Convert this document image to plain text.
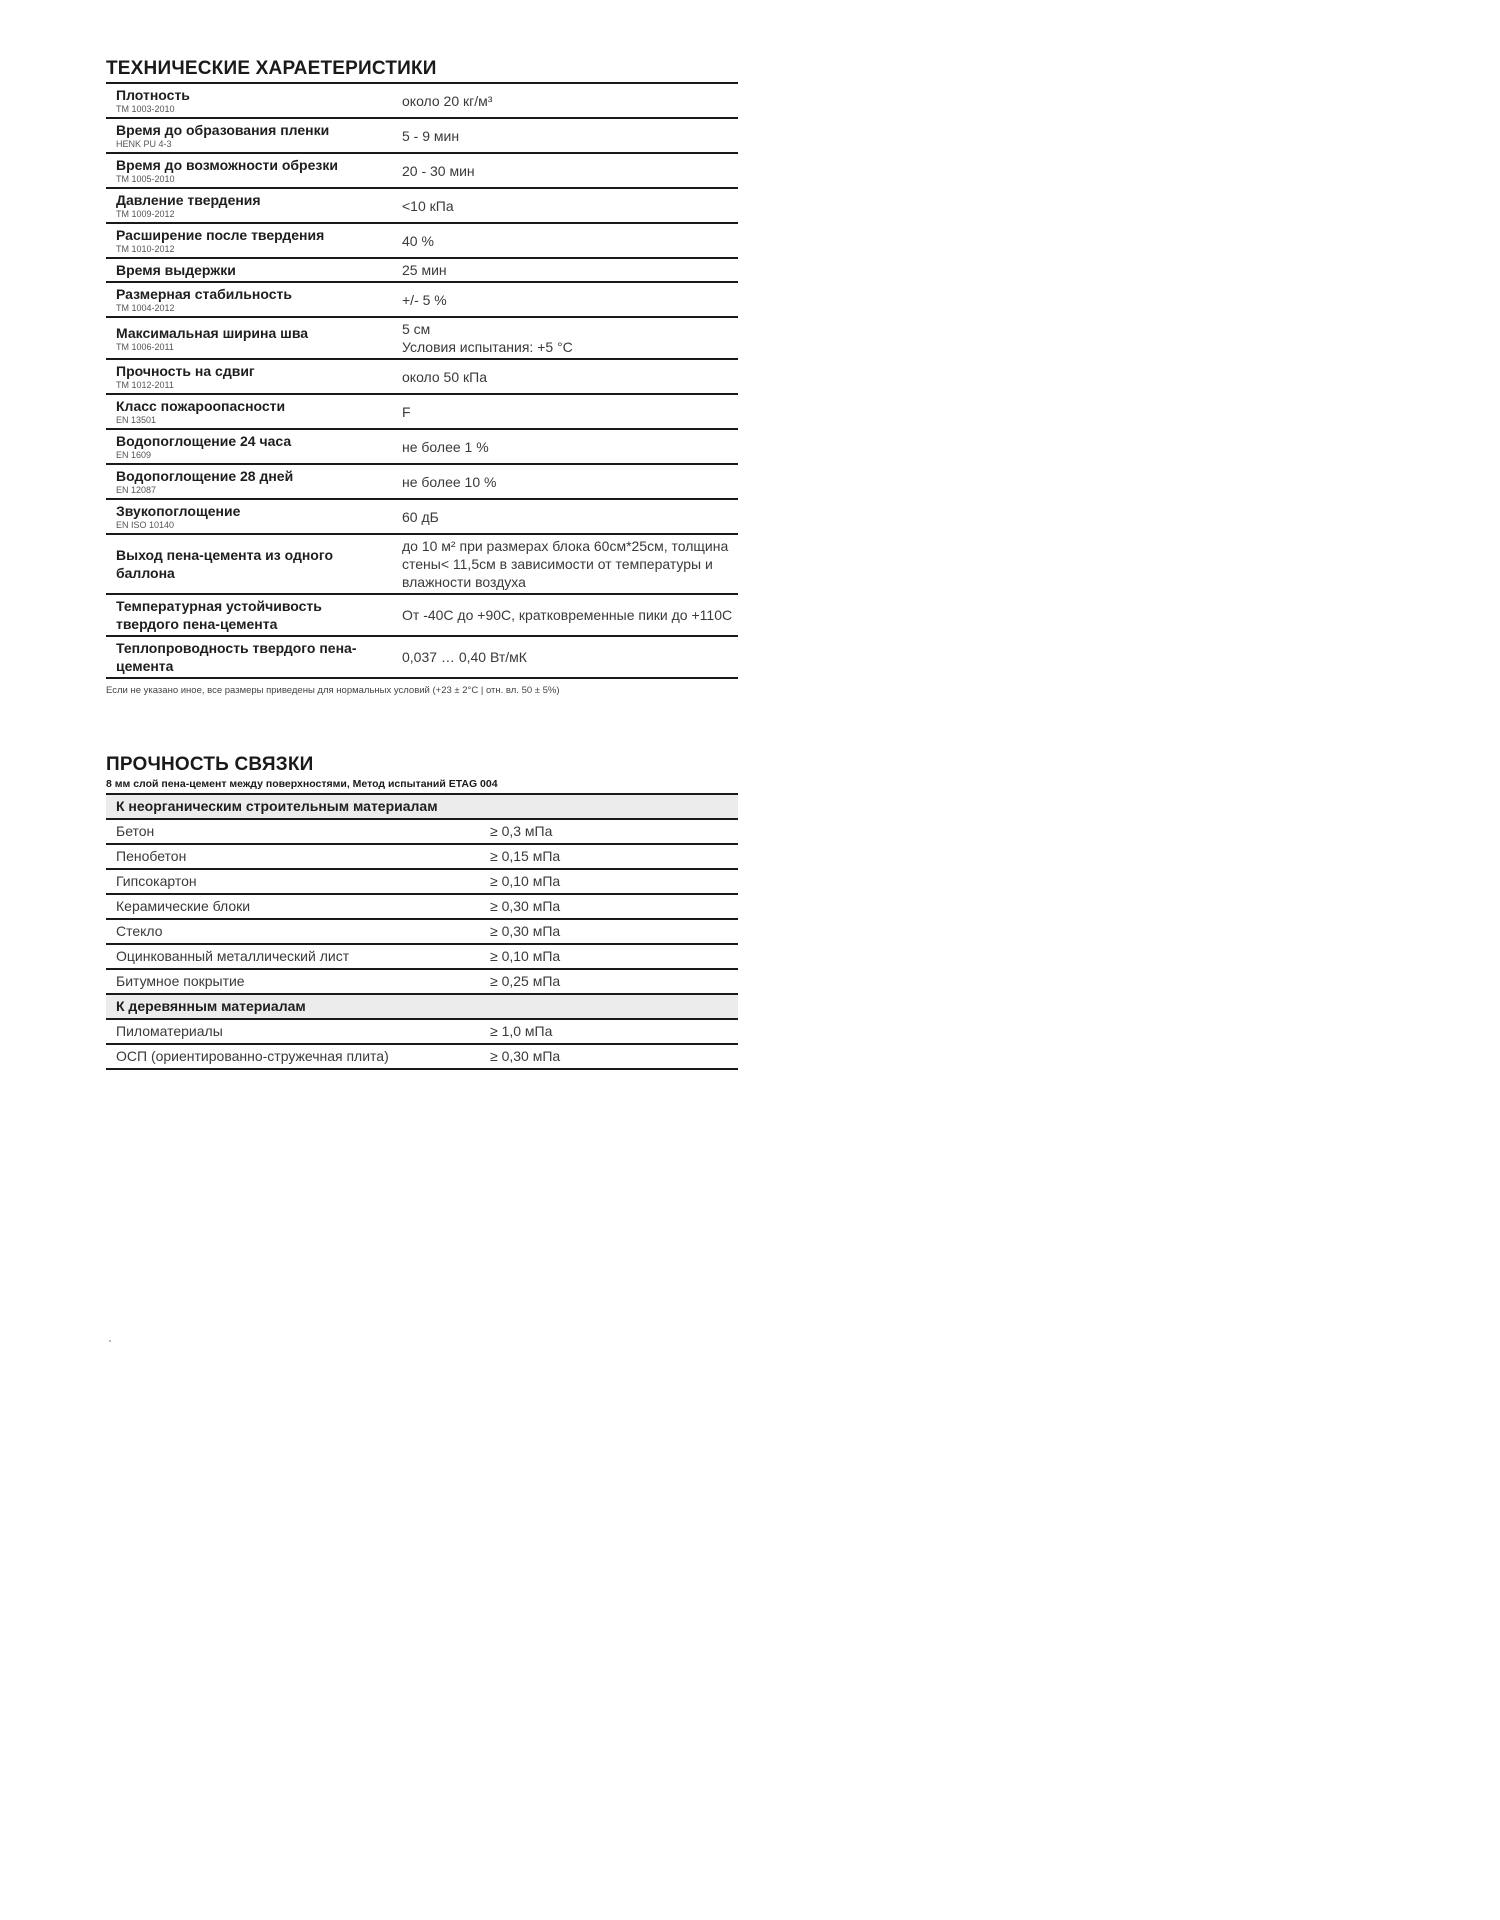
ТЕХНИЧЕСКИЕ ХАРАЕТЕРИСТИКИ
Плотность
TM 1003-2010	около 20 кг/м³

Время до образования пленки
HENK PU 4-3	5 - 9 мин

Время до возможности обрезки
TM 1005-2010	20 - 30 мин

Давление твердения
TM 1009-2012	<10 кПа

Расширение после твердения
TM 1010-2012	40 %

Время выдержки	25 мин

Размерная стабильность
TM 1004-2012	+/- 5 %

Максимальная ширина шва
TM 1006-2011	5 см
Условия испытания: +5 °C

Прочность на сдвиг
TM 1012-2011	около 50 кПа

Класс пожароопасности
EN 13501	F

Водопоглощение 24 часа
EN 1609	не более 1 %

Водопоглощение 28 дней
EN 12087	не более 10 %

Звукопоглощение
EN ISO 10140	60 дБ

Выход пена-цемента из одного баллона	до 10 м² при размерах блока 60см*25см, толщина стены< 11,5см в зависимости от температуры и влажности воздуха

Температурная устойчивость твердого пена-цемента	От -40С до +90С, кратковременные пики до +110С

Теплопроводность твердого пена-цемента	0,037 … 0,40 Вт/мК
Если не указано иное, все размеры приведены для нормальных условий (+23 ± 2°C | отн. вл. 50 ± 5%)
ПРОЧНОСТЬ СВЯЗКИ
8 мм слой пена-цемент между поверхностями, Метод испытаний ETAG 004
К неорганическим строительным материалам	
Бетон	≥ 0,3 мПа
Пенобетон	≥ 0,15 мПа
Гипсокартон	≥ 0,10 мПа
Керамические блоки	≥ 0,30 мПа
Стекло	≥ 0,30 мПа
Оцинкованный металлический лист	≥ 0,10 мПа
Битумное покрытие	≥ 0,25 мПа
К деревянным материалам	
Пиломатериалы	≥ 1,0 мПа
ОСП (ориентированно-стружечная плита)	≥ 0,30 мПа
